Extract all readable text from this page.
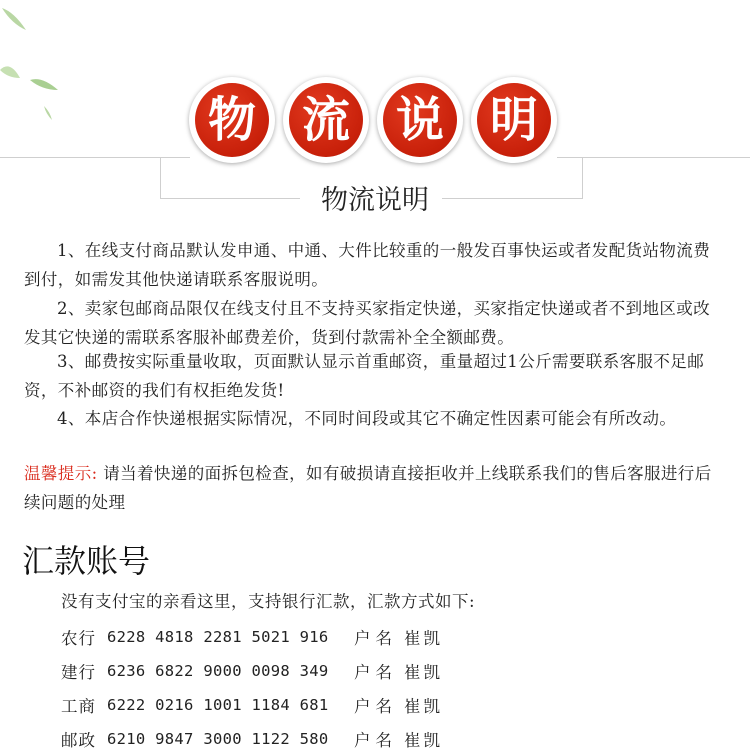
物 流 说 明
物流说明
1、在线支付商品默认发申通、中通、大件比较重的一般发百事快运或者发配货站物流费到付，如需发其他快递请联系客服说明。
2、卖家包邮商品限仅在线支付且不支持买家指定快递，买家指定快递或者不到地区或改发其它快递的需联系客服补邮费差价，货到付款需补全全额邮费。
3、邮费按实际重量收取，页面默认显示首重邮资，重量超过1公斤需要联系客服不足邮资，不补邮资的我们有权拒绝发货!
4、本店合作快递根据实际情况，不同时间段或其它不确定性因素可能会有所改动。
温馨提示: 请当着快递的面拆包检查，如有破损请直接拒收并上线联系我们的售后客服进行后续问题的处理
汇款账号
没有支付宝的亲看这里，支持银行汇款，汇款方式如下:
农行 6228 4818 2281 5021 916	户名 崔凯
建行 6236 6822 9000 0098 349	户名 崔凯
工商 6222 0216 1001 1184 681	户名 崔凯
邮政 6210 9847 3000 1122 580	户名 崔凯
